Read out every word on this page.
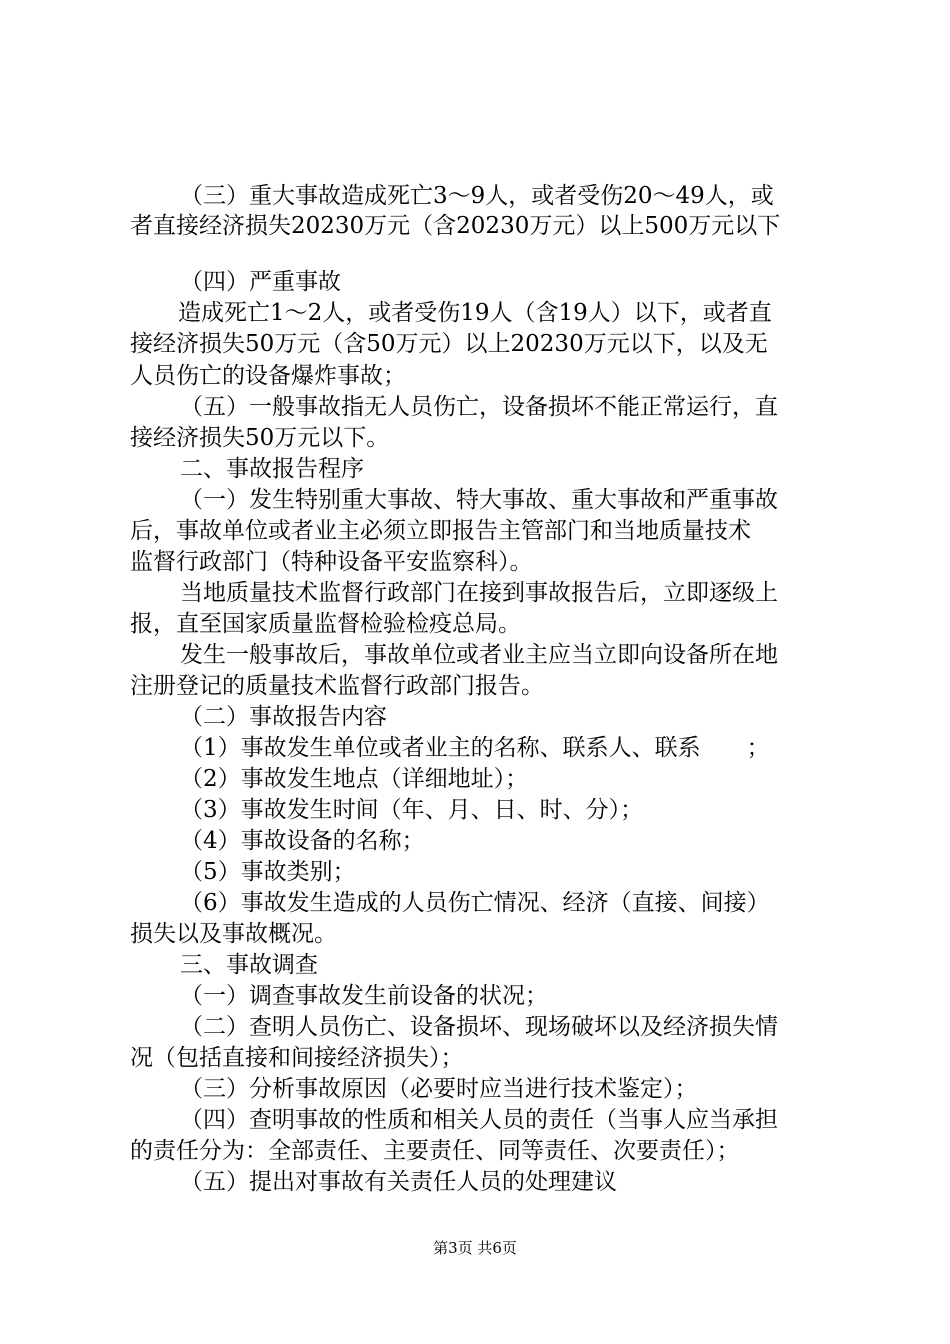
（三）重大事故造成死亡3～9人，或者受伤20～49人，或

者直接经济损失20230万元（含20230万元）以上500万元以下

（四）严重事故

造成死亡1～2人，或者受伤19人（含19人）以下，或者直

接经济损失50万元（含50万元）以上20230万元以下，以及无

人员伤亡的设备爆炸事故；

（五）一般事故指无人员伤亡，设备损坏不能正常运行，直

接经济损失50万元以下。

二、事故报告程序

（一）发生特别重大事故、特大事故、重大事故和严重事故

后，事故单位或者业主必须立即报告主管部门和当地质量技术

监督行政部门（特种设备平安监察科）。

当地质量技术监督行政部门在接到事故报告后，立即逐级上

报，直至国家质量监督检验检疫总局。

发生一般事故后，事故单位或者业主应当立即向设备所在地

注册登记的质量技术监督行政部门报告。

（二）事故报告内容

（1）事故发生单位或者业主的名称、联系人、联系　　；

（2）事故发生地点（详细地址）；

（3）事故发生时间（年、月、日、时、分）；

（4）事故设备的名称；

（5）事故类别；

（6）事故发生造成的人员伤亡情况、经济（直接、间接）

损失以及事故概况。

三、事故调查

（一）调查事故发生前设备的状况；

（二）查明人员伤亡、设备损坏、现场破坏以及经济损失情

况（包括直接和间接经济损失）；

（三）分析事故原因（必要时应当进行技术鉴定）；

（四）查明事故的性质和相关人员的责任（当事人应当承担

的责任分为：全部责任、主要责任、同等责任、次要责任）；

（五）提出对事故有关责任人员的处理建议

第3页 共6页
